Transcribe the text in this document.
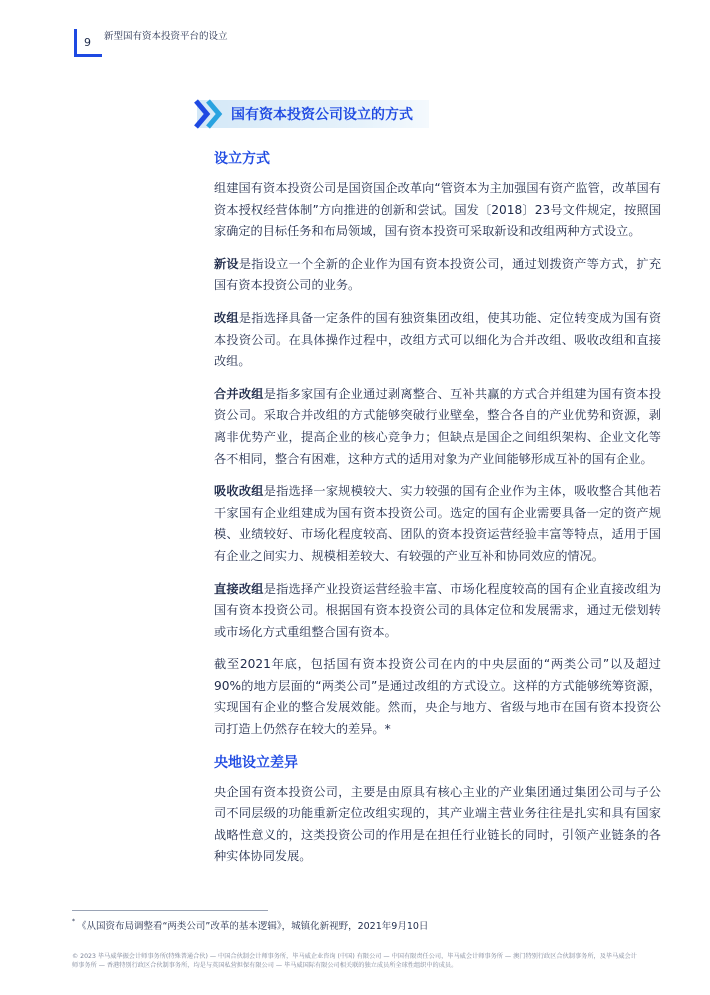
9 新型国有资本投资平台的设立
国有资本投资公司设立的方式
设立方式

组建国有资本投资公司是国资国企改革向“管资本为主加强国有资产监管，改革国有资本授权经营体制”方向推进的创新和尝试。国发〔2018〕23号文件规定，按照国家确定的目标任务和布局领域，国有资本投资可采取新设和改组两种方式设立。

新设是指设立一个全新的企业作为国有资本投资公司，通过划拨资产等方式，扩充国有资本投资公司的业务。

改组是指选择具备一定条件的国有独资集团改组，使其功能、定位转变成为国有资本投资公司。在具体操作过程中，改组方式可以细化为合并改组、吸收改组和直接改组。

合并改组是指多家国有企业通过剥离整合、互补共赢的方式合并组建为国有资本投资公司。采取合并改组的方式能够突破行业壁垒，整合各自的产业优势和资源，剥离非优势产业，提高企业的核心竞争力；但缺点是国企之间组织架构、企业文化等各不相同，整合有困难，这种方式的适用对象为产业间能够形成互补的国有企业。

吸收改组是指选择一家规模较大、实力较强的国有企业作为主体，吸收整合其他若干家国有企业组建成为国有资本投资公司。选定的国有企业需要具备一定的资产规模、业绩较好、市场化程度较高、团队的资本投资运营经验丰富等特点，适用于国有企业之间实力、规模相差较大、有较强的产业互补和协同效应的情况。

直接改组是指选择产业投资运营经验丰富、市场化程度较高的国有企业直接改组为国有资本投资公司。根据国有资本投资公司的具体定位和发展需求，通过无偿划转或市场化方式重组整合国有资本。

截至2021年底，包括国有资本投资公司在内的中央层面的“两类公司”以及超过 90%的地方层面的“两类公司”是通过改组的方式设立。这样的方式能够统筹资源，实现国有企业的整合发展效能。然而，央企与地方、省级与地市在国有资本投资公司打造上仍然存在较大的差异。*

央地设立差异

央企国有资本投资公司，主要是由原具有核心主业的产业集团通过集团公司与子公司不同层级的功能重新定位改组实现的，其产业端主营业务往往是扎实和具有国家战略性意义的，这类投资公司的作用是在担任行业链长的同时，引领产业链条的各种实体协同发展。

* 《从国资布局调整看“两类公司”改革的基本逻辑》，城镇化新视野，2021年9月10日
© 2023 毕马威华振会计师事务所(特殊普通合伙) — 中国合伙制会计师事务所，毕马威企业咨询 (中国) 有限公司 — 中国有限责任公司，毕马威会计师事务所 — 澳门特别行政区合伙制事务所，及毕马威会计师事务所 — 香港特别行政区合伙制事务所，均是与英国私营担保有限公司 — 毕马威国际有限公司相关联的独立成员所全球性组织中的成员。
